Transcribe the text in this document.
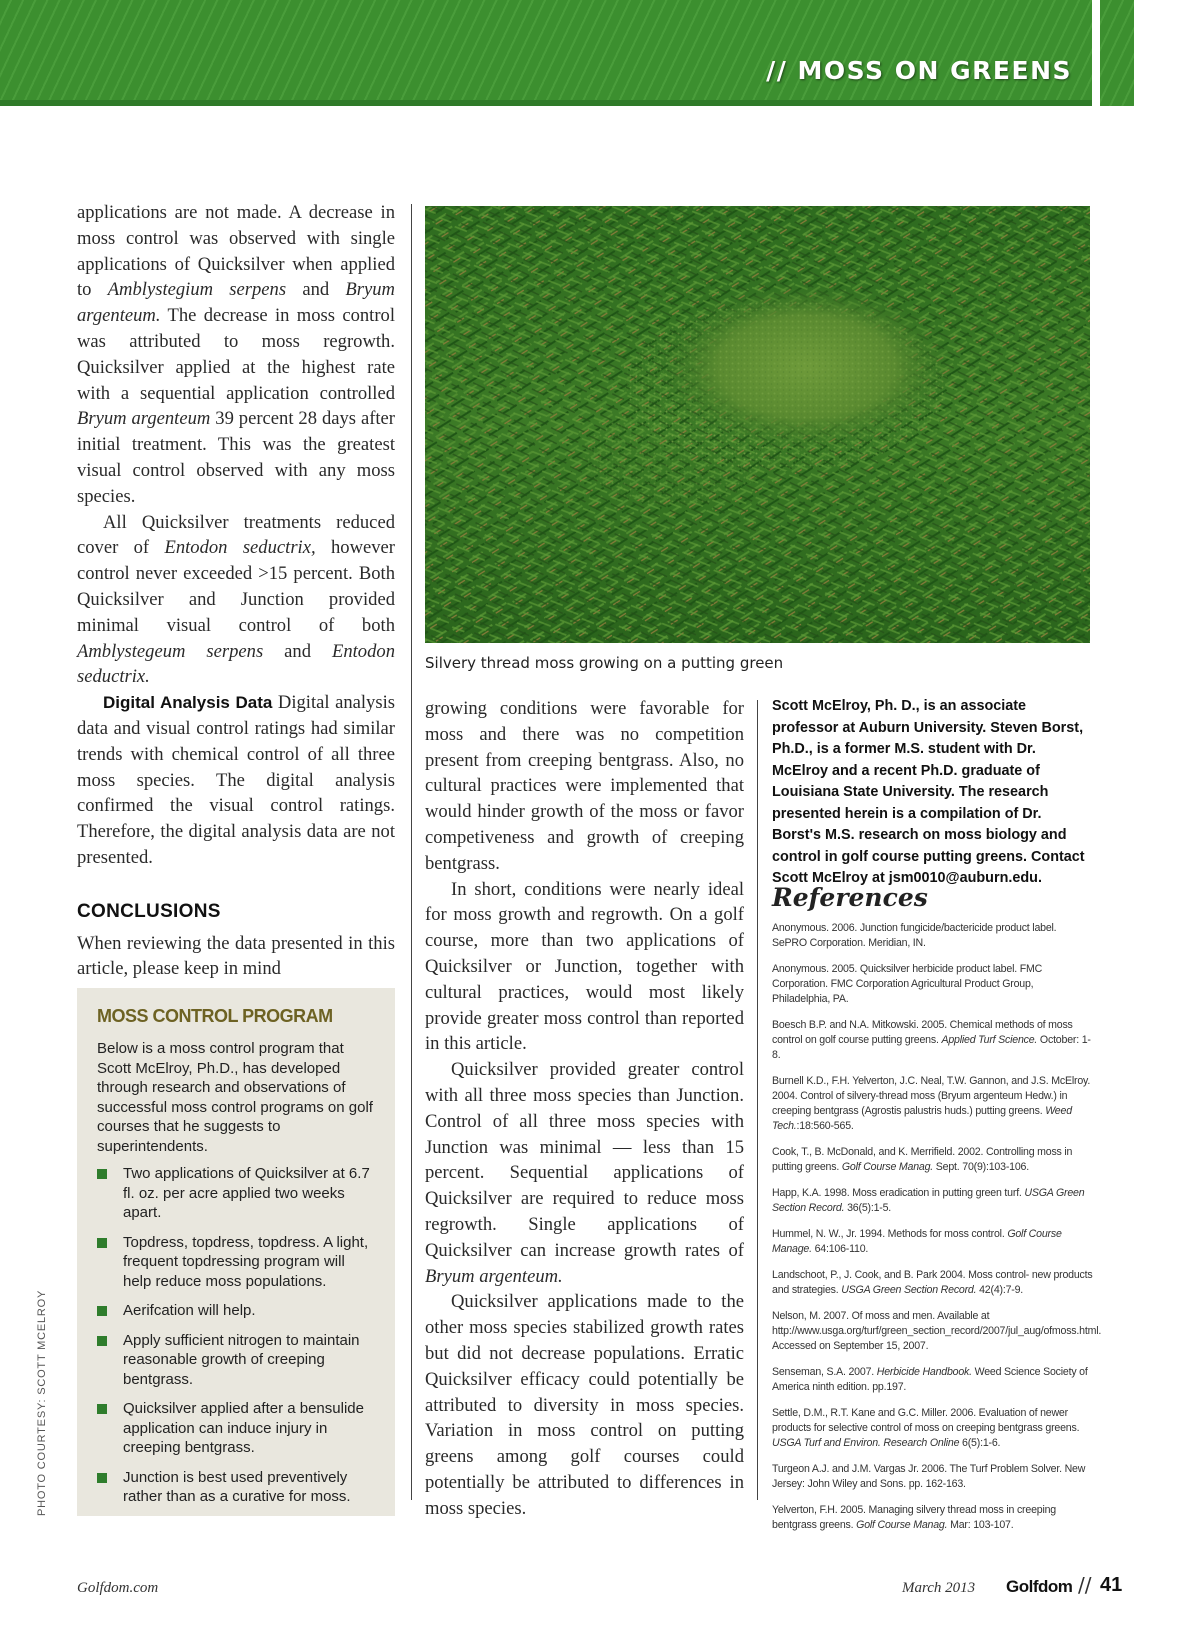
// MOSS ON GREENS

applications are not made. A decrease in moss control was observed with single applications of Quicksilver when applied to Amblystegium serpens and Bryum argenteum. The decrease in moss control was attributed to moss regrowth. Quicksilver applied at the highest rate with a sequential application controlled Bryum argenteum 39 percent 28 days after initial treatment. This was the greatest visual control observed with any moss species.

All Quicksilver treatments reduced cover of Entodon seductrix, however control never exceeded >15 percent. Both Quicksilver and Junction provided minimal visual control of both Amblystegeum serpens and Entodon seductrix.

Digital Analysis Data Digital analysis data and visual control ratings had similar trends with chemical control of all three moss species. The digital analysis confirmed the visual control ratings. Therefore, the digital analysis data are not presented.

CONCLUSIONS

When reviewing the data presented in this article, please keep in mind

MOSS CONTROL PROGRAM
Below is a moss control program that Scott McElroy, Ph.D., has developed through research and observations of successful moss control programs on golf courses that he suggests to superintendents.
Two applications of Quicksilver at 6.7 fl. oz. per acre applied two weeks apart.
Topdress, topdress, topdress. A light, frequent topdressing program will help reduce moss populations.
Aerifcation will help.
Apply sufficient nitrogen to maintain reasonable growth of creeping bentgrass.
Quicksilver applied after a bensulide application can induce injury in creeping bentgrass.
Junction is best used preventively rather than as a curative for moss.
PHOTO COURTESY: SCOTT MCELROY
Silvery thread moss growing on a putting green

growing conditions were favorable for moss and there was no competition present from creeping bentgrass. Also, no cultural practices were implemented that would hinder growth of the moss or favor competiveness and growth of creeping bentgrass.

In short, conditions were nearly ideal for moss growth and regrowth. On a golf course, more than two applications of Quicksilver or Junction, together with cultural practices, would most likely provide greater moss control than reported in this article.

Quicksilver provided greater control with all three moss species than Junction. Control of all three moss species with Junction was minimal — less than 15 percent. Sequential applications of Quicksilver are required to reduce moss regrowth. Single applications of Quicksilver can increase growth rates of Bryum argenteum.

Quicksilver applications made to the other moss species stabilized growth rates but did not decrease populations. Erratic Quicksilver efficacy could potentially be attributed to diversity in moss species. Variation in moss control on putting greens among golf courses could potentially be attributed to differences in moss species.

Scott McElroy, Ph. D., is an associate professor at Auburn University. Steven Borst, Ph.D., is a former M.S. student with Dr. McElroy and a recent Ph.D. graduate of Louisiana State University. The research presented herein is a compilation of Dr. Borst's M.S. research on moss biology and control in golf course putting greens. Contact Scott McElroy at jsm0010@auburn.edu.
References
Anonymous. 2006. Junction fungicide/bactericide product label. SePRO Corporation. Meridian, IN.
Anonymous. 2005. Quicksilver herbicide product label. FMC Corporation. FMC Corporation Agricultural Product Group, Philadelphia, PA.
Boesch B.P. and N.A. Mitkowski. 2005. Chemical methods of moss control on golf course putting greens. Applied Turf Science. October: 1-8.
Burnell K.D., F.H. Yelverton, J.C. Neal, T.W. Gannon, and J.S. McElroy. 2004. Control of silvery-thread moss (Bryum argenteum Hedw.) in creeping bentgrass (Agrostis palustris huds.) putting greens. Weed Tech.:18:560-565.
Cook, T., B. McDonald, and K. Merrifield. 2002. Controlling moss in putting greens. Golf Course Manag. Sept. 70(9):103-106.
Happ, K.A. 1998. Moss eradication in putting green turf. USGA Green Section Record. 36(5):1-5.
Hummel, N. W., Jr. 1994. Methods for moss control. Golf Course Manage. 64:106-110.
Landschoot, P., J. Cook, and B. Park 2004. Moss control- new products and strategies. USGA Green Section Record. 42(4):7-9.
Nelson, M. 2007. Of moss and men. Available at http://www.usga.org/turf/green_section_record/2007/jul_aug/ofmoss.html. Accessed on September 15, 2007.
Senseman, S.A. 2007. Herbicide Handbook. Weed Science Society of America ninth edition. pp.197.
Settle, D.M., R.T. Kane and G.C. Miller. 2006. Evaluation of newer products for selective control of moss on creeping bentgrass greens. USGA Turf and Environ. Research Online 6(5):1-6.
Turgeon A.J. and J.M. Vargas Jr. 2006. The Turf Problem Solver. New Jersey: John Wiley and Sons. pp. 162-163.
Yelverton, F.H. 2005. Managing silvery thread moss in creeping bentgrass greens. Golf Course Manag. Mar: 103-107.
Golfdom.com	March 2013 Golfdom // 41
